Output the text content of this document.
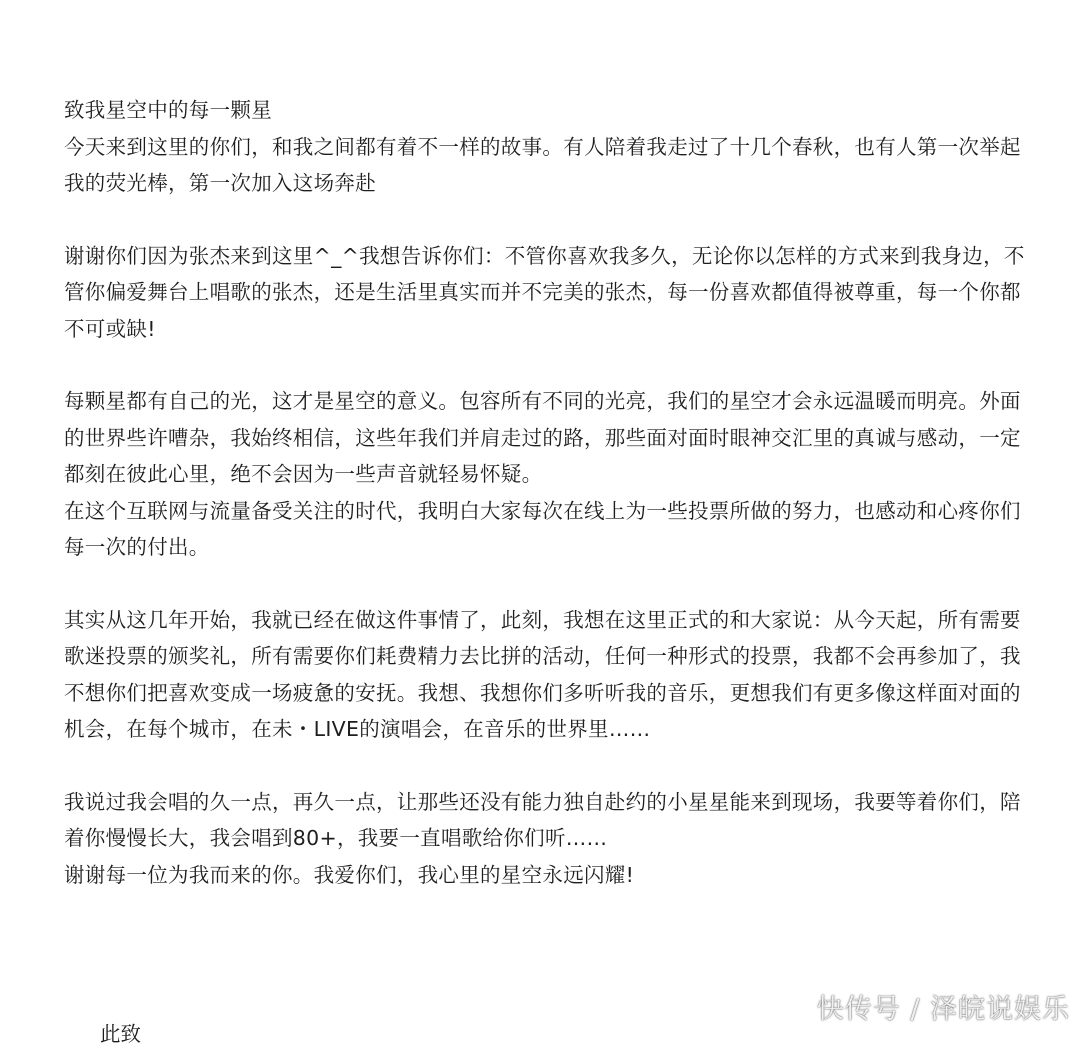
致我星空中的每一颗星

今天来到这里的你们，和我之间都有着不一样的故事。有人陪着我走过了十几个春秋，也有人第一次举起我的荧光棒，第一次加入这场奔赴

谢谢你们因为张杰来到这里^_^我想告诉你们：不管你喜欢我多久，无论你以怎样的方式来到我身边，不管你偏爱舞台上唱歌的张杰，还是生活里真实而并不完美的张杰，每一份喜欢都值得被尊重，每一个你都不可或缺!

每颗星都有自己的光，这才是星空的意义。包容所有不同的光亮，我们的星空才会永远温暖而明亮。外面的世界些许嘈杂，我始终相信，这些年我们并肩走过的路，那些面对面时眼神交汇里的真诚与感动，一定都刻在彼此心里，绝不会因为一些声音就轻易怀疑。

在这个互联网与流量备受关注的时代，我明白大家每次在线上为一些投票所做的努力，也感动和心疼你们每一次的付出。

其实从这几年开始，我就已经在做这件事情了，此刻，我想在这里正式的和大家说：从今天起，所有需要歌迷投票的颁奖礼，所有需要你们耗费精力去比拼的活动，任何一种形式的投票，我都不会再参加了，我不想你们把喜欢变成一场疲惫的安抚。我想、我想你们多听听我的音乐，更想我们有更多像这样面对面的机会，在每个城市，在未・LIVE的演唱会，在音乐的世界里……

我说过我会唱的久一点，再久一点，让那些还没有能力独自赴约的小星星能来到现场，我要等着你们，陪着你慢慢长大，我会唱到80+，我要一直唱歌给你们听……

谢谢每一位为我而来的你。我爱你们，我心里的星空永远闪耀!

此致
快传号 / 泽皖说娱乐
